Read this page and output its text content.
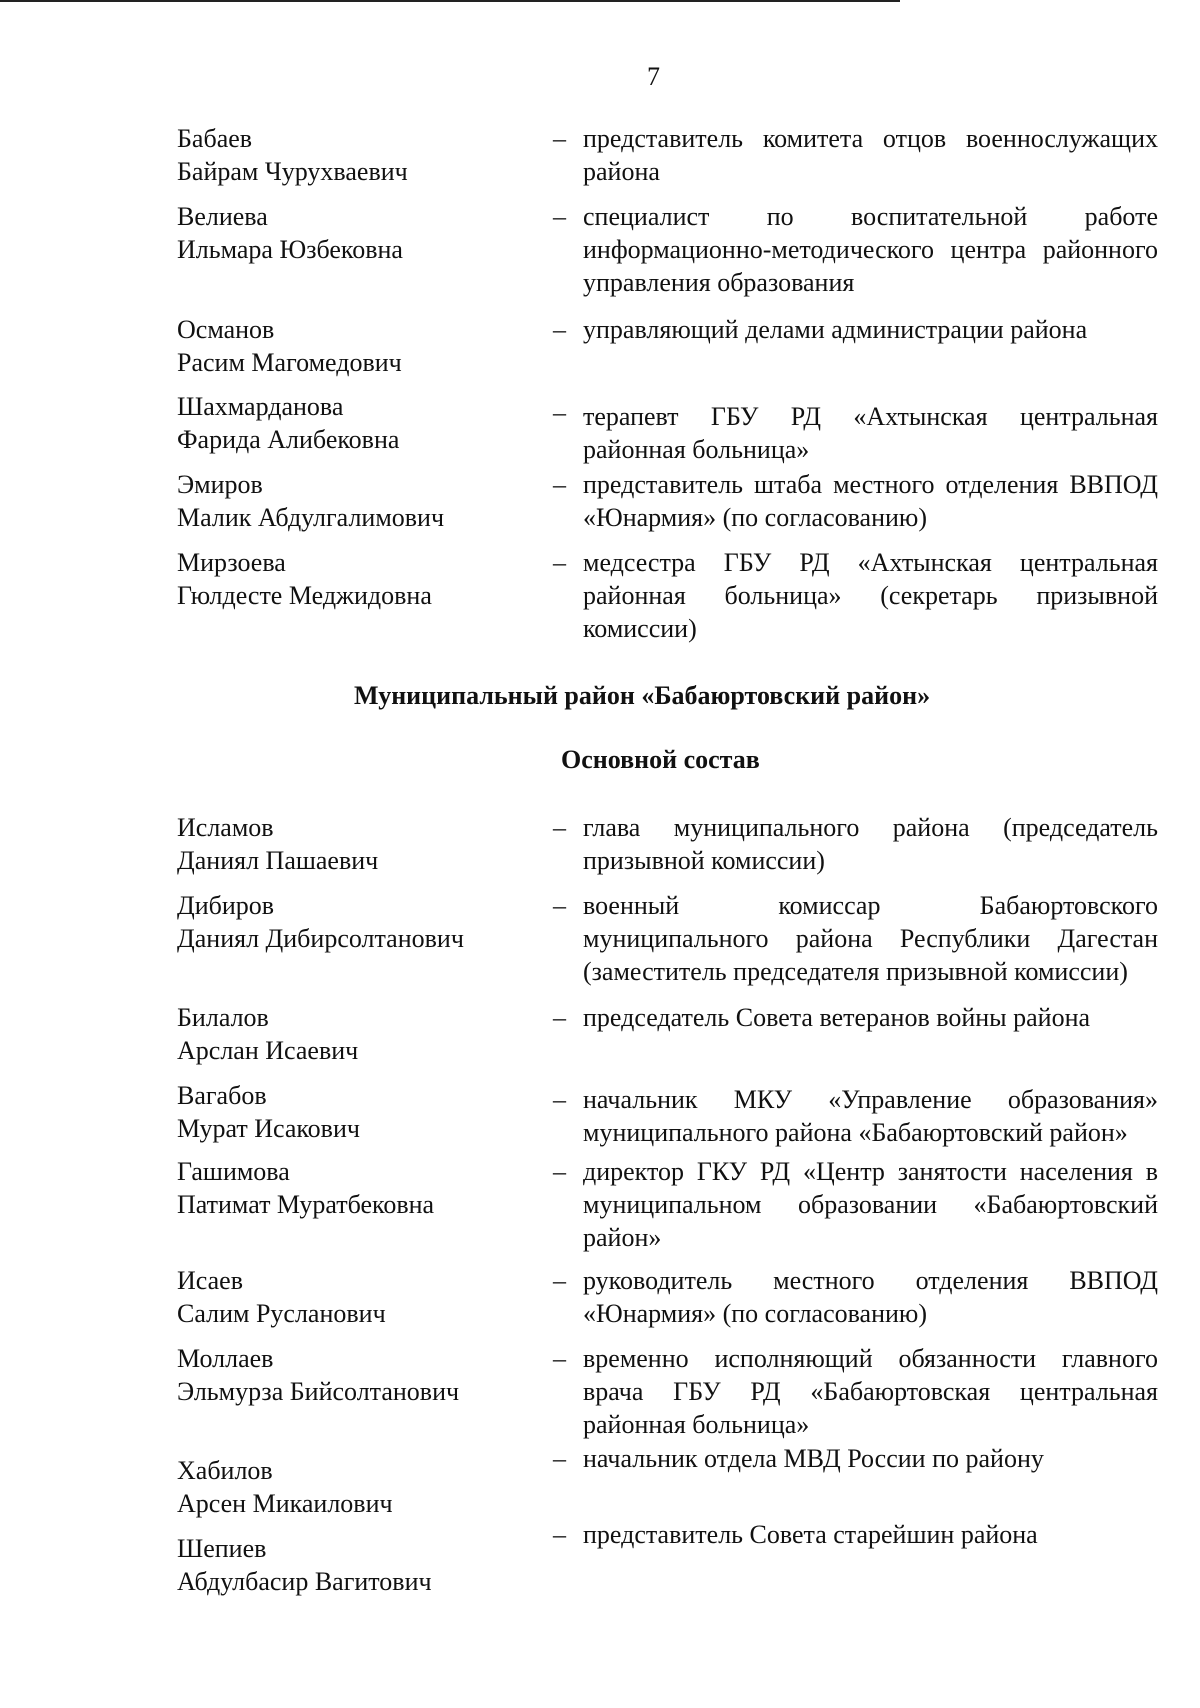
7
Бабаев
Байрам Чурухваевич
– представитель комитета отцов военнослужащих района
Велиева
Ильмара Юзбековна
– специалист по воспитательной работе информационно-методического центра районного управления образования
Османов
Расим Магомедович
– управляющий делами администрации района
Шахмарданова
Фарида Алибековна
– терапевт ГБУ РД «Ахтынская центральная районная больница»
Эмиров
Малик Абдулгалимович
– представитель штаба местного отделения ВВПОД «Юнармия» (по согласованию)
Мирзоева
Гюлдесте Меджидовна
– медсестра ГБУ РД «Ахтынская центральная районная больница» (секретарь призывной комиссии)
Муниципальный район «Бабаюртовский район»
Основной состав
Исламов
Даниял Пашаевич
– глава муниципального района (председатель призывной комиссии)
Дибиров
Даниял Дибирсолтанович
– военный комиссар Бабаюртовского муниципального района Республики Дагестан (заместитель председателя призывной комиссии)
Билалов
Арслан Исаевич
– председатель Совета ветеранов войны района
Вагабов
Мурат Исакович
– начальник МКУ «Управление образования» муниципального района «Бабаюртовский район»
Гашимова
Патимат Муратбековна
– директор ГКУ РД «Центр занятости населения в муниципальном образовании «Бабаюртовский район»
Исаев
Салим Русланович
– руководитель местного отделения ВВПОД «Юнармия» (по согласованию)
Моллаев
Эльмурза Бийсолтанович
– временно исполняющий обязанности главного врача ГБУ РД «Бабаюртовская центральная районная больница»
Хабилов
Арсен Микаилович
– начальник отдела МВД России по району
Шепиев
Абдулбасир Вагитович
– представитель Совета старейшин района
